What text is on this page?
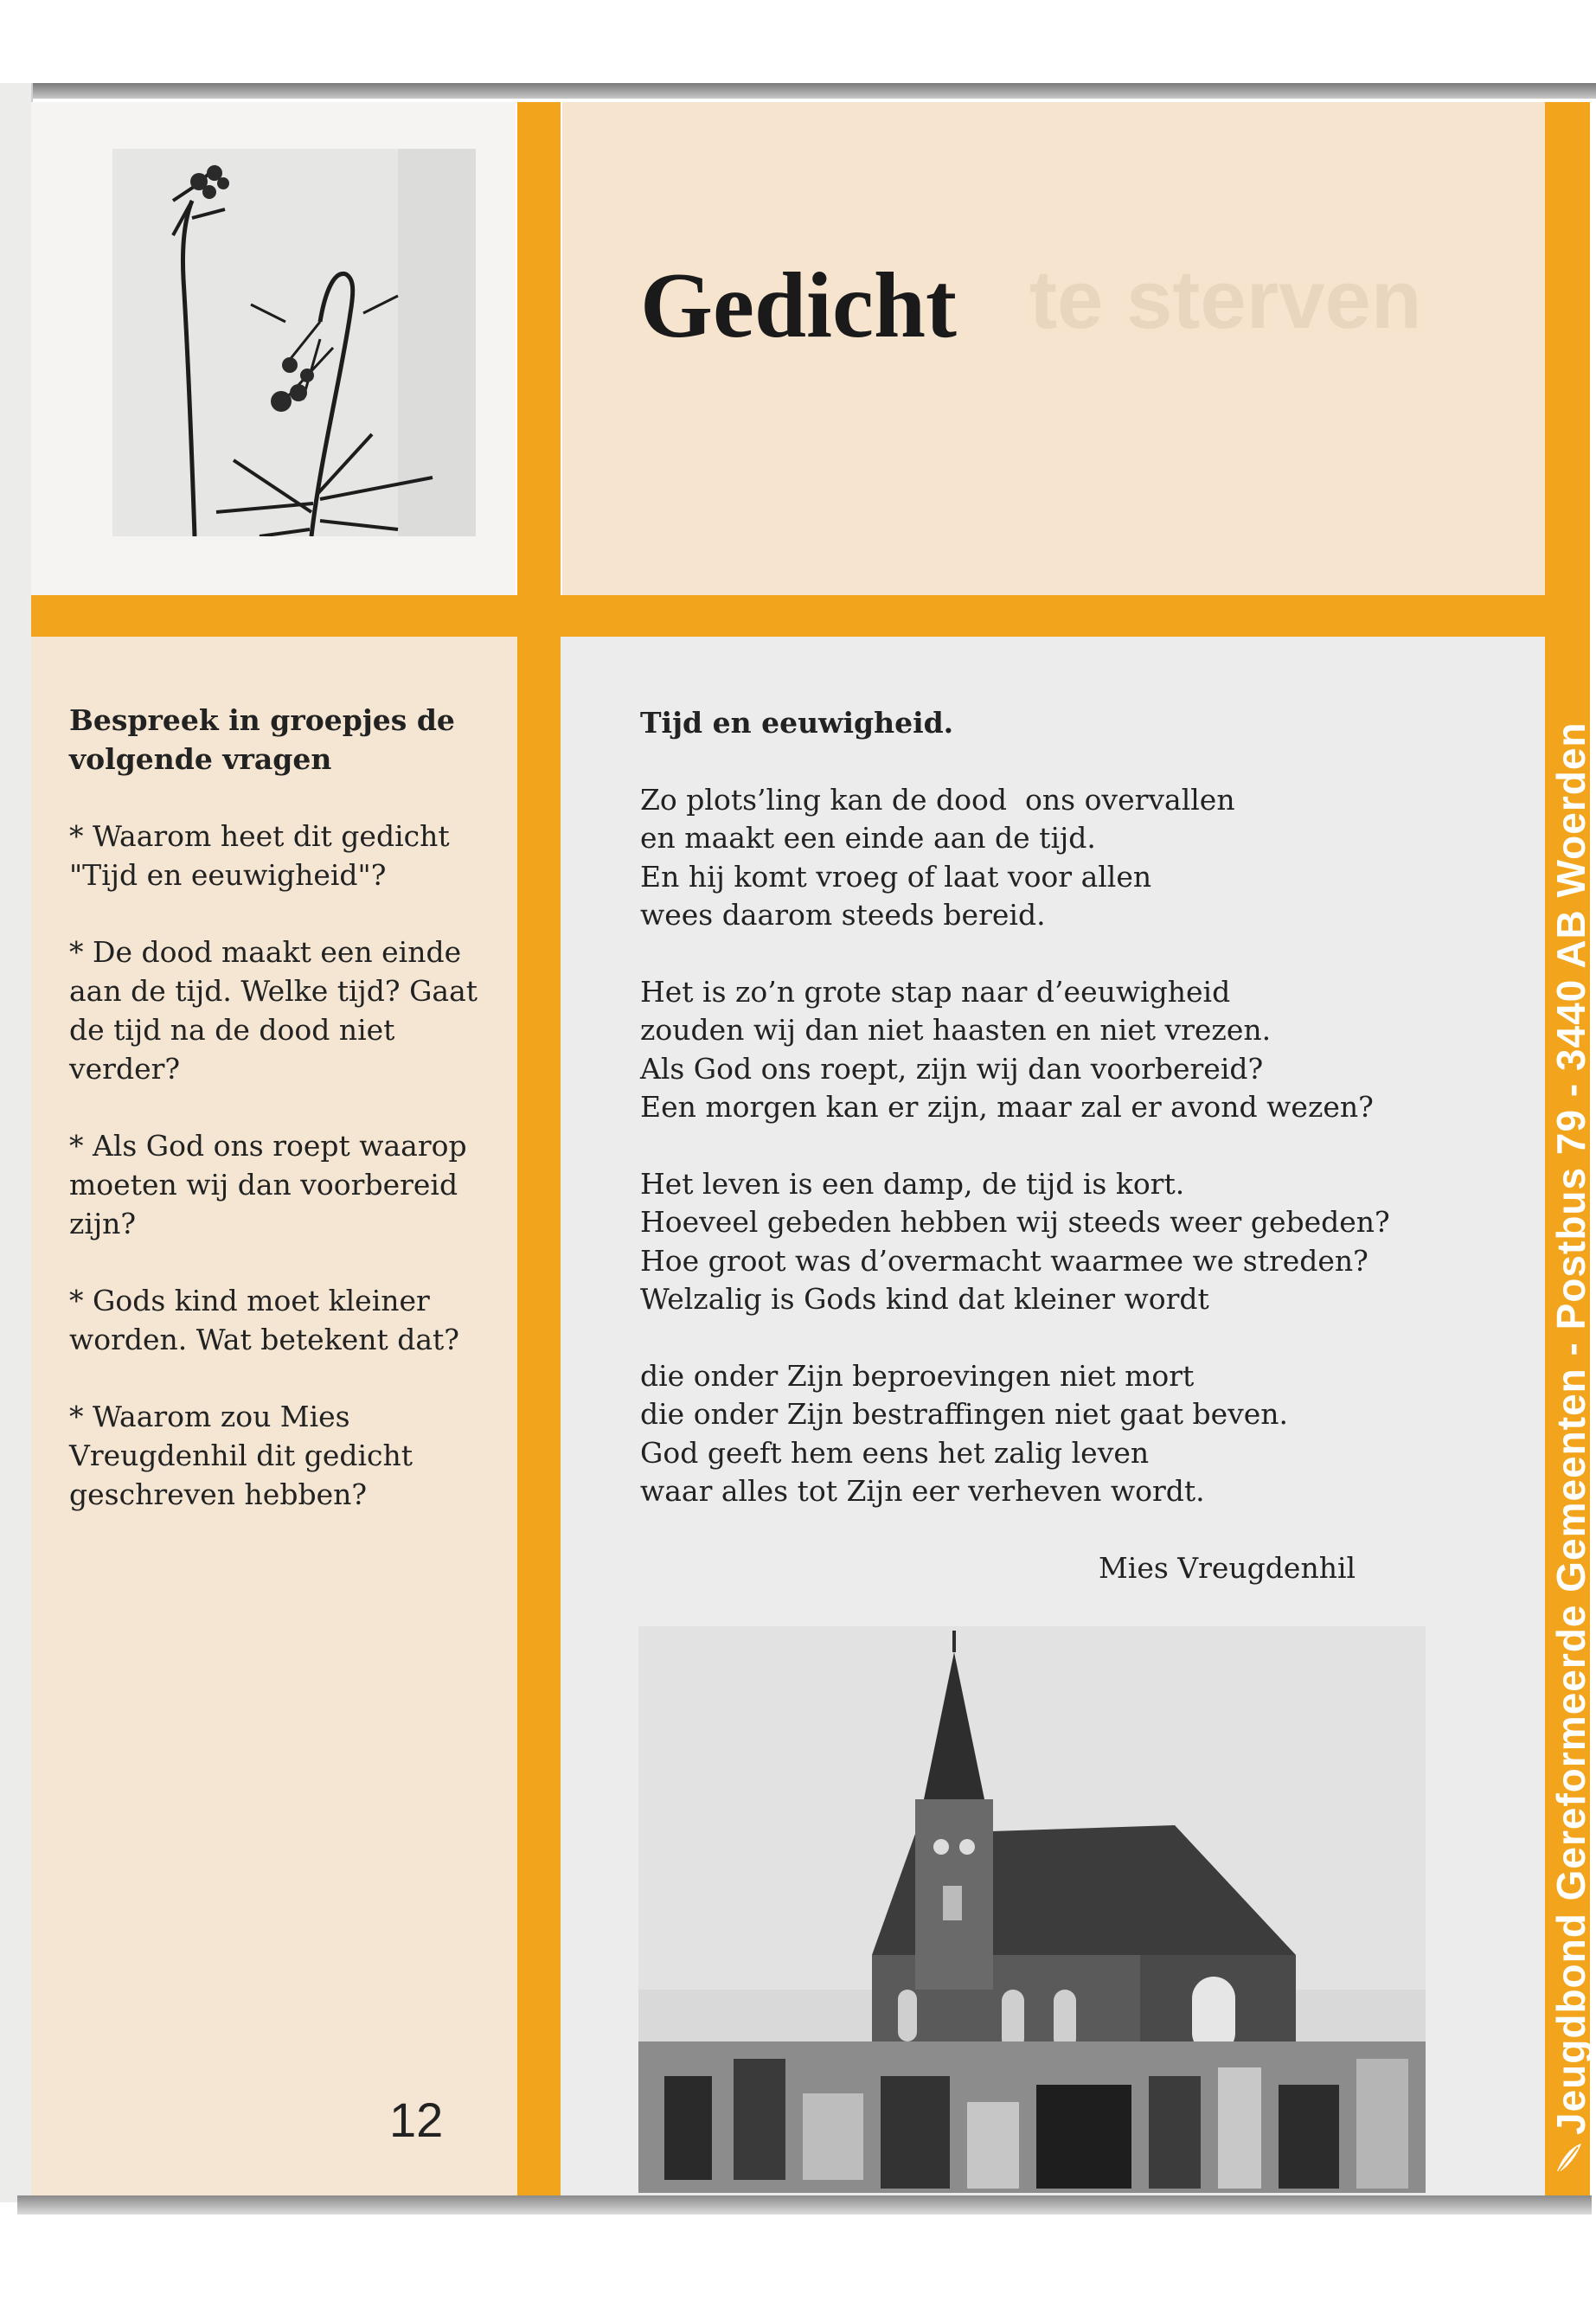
te sterven
Gedicht
Jeugdbond Gereformeerde Gemeenten - Postbus 79 - 3440 AB Woerden

Bespreek in groepjes de volgende vragen

* Waarom heet dit gedicht "Tijd en eeuwigheid"?

* De dood maakt een einde aan de tijd. Welke tijd? Gaat de tijd na de dood niet verder?

* Als God ons roept waarop moeten wij dan voorbereid zijn?

* Gods kind moet kleiner worden. Wat betekent dat?

* Waarom zou Mies Vreugdenhil dit gedicht geschreven hebben?

12

Tijd en eeuwigheid.

Zo plots’ling kan de dood  ons overvallen
en maakt een einde aan de tijd.
En hij komt vroeg of laat voor allen
wees daarom steeds bereid.
Het is zo’n grote stap naar d’eeuwigheid
zouden wij dan niet haasten en niet vrezen.
Als God ons roept, zijn wij dan voorbereid?
Een morgen kan er zijn, maar zal er avond wezen?
Het leven is een damp, de tijd is kort.
Hoeveel gebeden hebben wij steeds weer gebeden?
Hoe groot was d’overmacht waarmee we streden?
Welzalig is Gods kind dat kleiner wordt
die onder Zijn beproevingen niet mort
die onder Zijn bestraffingen niet gaat beven.
God geeft hem eens het zalig leven
waar alles tot Zijn eer verheven wordt.
Mies Vreugdenhil
